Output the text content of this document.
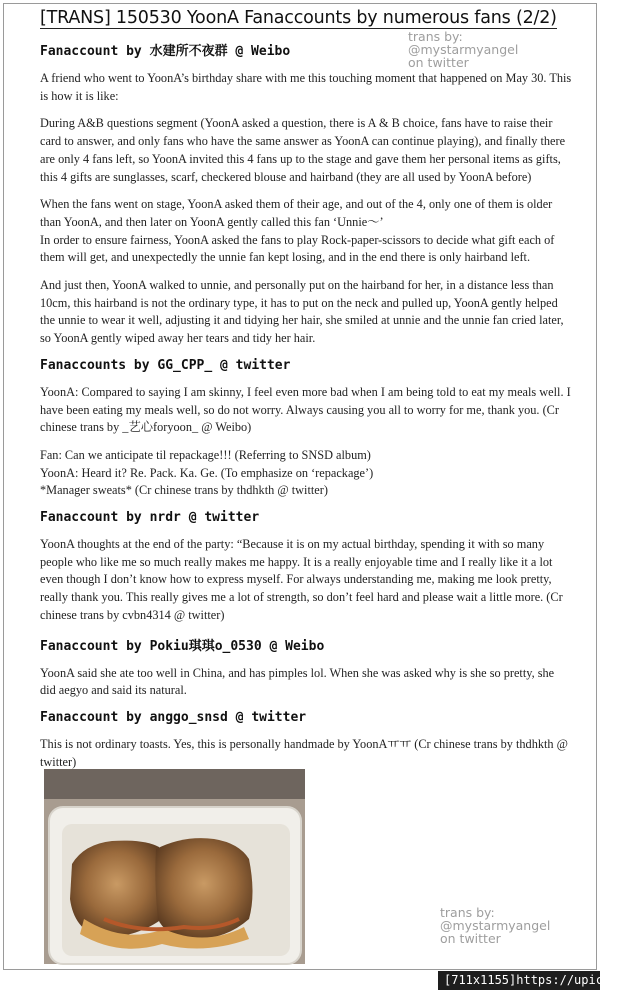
[TRANS] 150530 YoonA Fanaccounts by numerous fans (2/2)
Fanaccount by 水建所不夜群 @ Weibo

A friend who went to YoonA’s birthday share with me this touching moment that happened on May 30. This is how it is like:

During A&B questions segment (YoonA asked a question, there is A & B choice, fans have to raise their card to answer, and only fans who have the same answer as YoonA can continue playing), and finally there are only 4 fans left, so YoonA invited this 4 fans up to the stage and gave them her personal items as gifts, this 4 gifts are sunglasses, scarf, checkered blouse and hairband (they are all used by YoonA before)

When the fans went on stage, YoonA asked them of their age, and out of the 4, only one of them is older than YoonA, and then later on YoonA gently called this fan ‘Unnie～’
In order to ensure fairness, YoonA asked the fans to play Rock-paper-scissors to decide what gift each of them will get, and unexpectedly the unnie fan kept losing, and in the end there is only hairband left.

And just then, YoonA walked to unnie, and personally put on the hairband for her, in a distance less than 10cm, this hairband is not the ordinary type, it has to put on the neck and pulled up, YoonA gently helped the unnie to wear it well, adjusting it and tidying her hair, she smiled at unnie and the unnie fan cried later, so YoonA gently wiped away her tears and tidy her hair.

Fanaccounts by GG_CPP_ @ twitter

YoonA: Compared to saying I am skinny, I feel even more bad when I am being told to eat my meals well. I have been eating my meals well, so do not worry. Always causing you all to worry for me, thank you. (Cr chinese trans by _艺心foryoon_ @ Weibo)

Fan: Can we anticipate til repackage!!! (Referring to SNSD album)
YoonA: Heard it? Re. Pack. Ka. Ge. (To emphasize on ‘repackage’)
*Manager sweats* (Cr chinese trans by thdhkth @ twitter)

Fanaccount by nrdr @ twitter

YoonA thoughts at the end of the party: “Because it is on my actual birthday, spending it with so many people who like me so much really makes me happy. It is a really enjoyable time and I really like it a lot even though I don’t know how to express myself. For always understanding me, making me look pretty, really thank you. This really gives me a lot of strength, so don’t feel hard and please wait a little more. (Cr chinese trans by cvbn4314 @ twitter)

Fanaccount by Pokiu琪琪o_0530 @ Weibo

YoonA said she ate too well in China, and has pimples lol. When she was asked why is she so pretty, she did aegyo and said its natural.

Fanaccount by anggo_snsd @ twitter

This is not ordinary toasts. Yes, this is personally handmade by YoonAㅠㅠ (Cr chinese trans by thdhkth @ twitter)

trans by:
@mystarmyangel
on twitter
trans by:
@mystarmyangel
on twitter
[711x1155]https://upic.me/
